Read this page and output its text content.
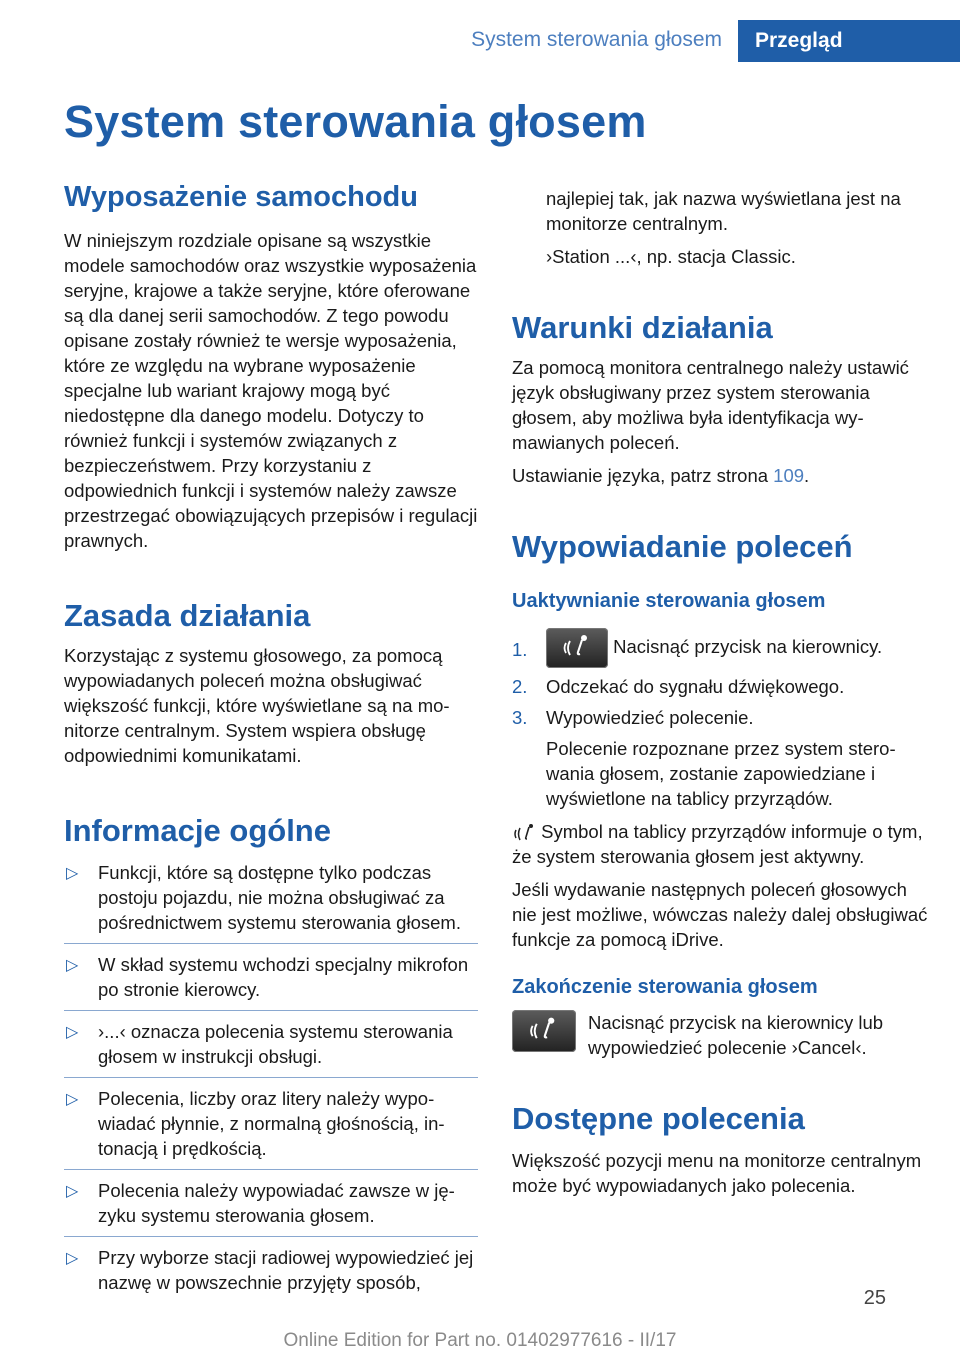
System sterowania głosem	Przegląd
System sterowania głosem
Wyposażenie samochodu

W niniejszym rozdziale opisane są wszystkie modele samochodów oraz wszystkie wyposażenia seryjne, krajowe a także seryjne, które oferowane są dla danej serii samochodów. Z tego powodu opisane zostały również te wersje wyposażenia, które ze względu na wybrane wyposażenie specjalne lub wariant krajowy mogą być niedostępne dla danego modelu. Dotyczy to również funkcji i systemów związanych z bezpieczeństwem. Przy korzystaniu z odpowiednich funkcji i systemów należy zawsze przestrzegać obowiązujących przepisów i regulacji prawnych.

Zasada działania

Korzystając z systemu głosowego, za pomocą wypowiadanych poleceń można obsługiwać większość funkcji, które wyświetlane są na monitorze centralnym. System wspiera obsługę odpowiednimi komunikatami.

Informacje ogólne
▷ Funkcji, które są dostępne tylko podczas postoju pojazdu, nie można obsługiwać za pośrednictwem systemu sterowania głosem.
▷ W skład systemu wchodzi specjalny mikrofon po stronie kierowcy.
▷ ›...‹ oznacza polecenia systemu sterowania głosem w instrukcji obsługi.
▷ Polecenia, liczby oraz litery należy wypowiadać płynnie, z normalną głośnością, intonacją i prędkością.
▷ Polecenia należy wypowiadać zawsze w języku systemu sterowania głosem.
▷ Przy wyborze stacji radiowej wypowiedzieć jej nazwę w powszechnie przyjęty sposób,

najlepiej tak, jak nazwa wyświetlana jest na monitorze centralnym.

›Station ...‹, np. stacja Classic.

Warunki działania

Za pomocą monitora centralnego należy ustawić język obsługiwany przez system sterowania głosem, aby możliwa była identyfikacja wymawianych poleceń.

Ustawianie języka, patrz strona 109.

Wypowiadanie poleceń
Uaktywnianie sterowania głosem
1.	Nacisnąć przycisk na kierownicy.
2. Odczekać do sygnału dźwiękowego.
3. Wypowiedzieć polecenie.

Polecenie rozpoznane przez system sterowania głosem, zostanie zapowiedziane i wyświetlone na tablicy przyrządów.

Symbol na tablicy przyrządów informuje o tym, że system sterowania głosem jest aktywny.

Jeśli wydawanie następnych poleceń głosowych nie jest możliwe, wówczas należy dalej obsługiwać funkcje za pomocą iDrive.

Zakończenie sterowania głosem

Nacisnąć przycisk na kierownicy lub wypowiedzieć polecenie ›Cancel‹.

Dostępne polecenia

Większość pozycji menu na monitorze centralnym może być wypowiadanych jako polecenia.

25
Online Edition for Part no. 01402977616 - II/17
